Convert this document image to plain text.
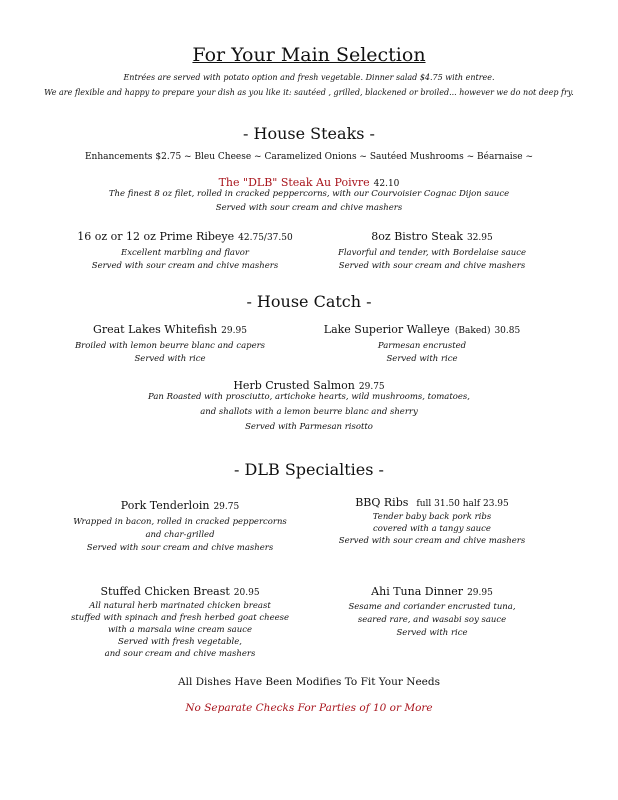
For Your Main Selection
Entrées are served with potato option and fresh vegetable. Dinner salad $4.75 with entree.
We are flexible and happy to prepare your dish as you like it: sautéed , grilled, blackened or broiled... however we do not deep fry.
- House Steaks -
Enhancements $2.75 ~ Bleu Cheese ~ Caramelized Onions ~ Sautéed Mushrooms ~ Béarnaise ~
The "DLB" Steak Au Poivre 42.10
The finest 8 oz filet, rolled in cracked peppercorns, with our Courvoisier Cognac Dijon sauce
Served with sour cream and chive mashers
16 oz or 12 oz Prime Ribeye 42.75/37.50
Excellent marbling and flavor
Served with sour cream and chive mashers
8oz Bistro Steak 32.95
Flavorful and tender, with Bordelaise sauce
Served with sour cream and chive mashers
- House Catch -
Great Lakes Whitefish 29.95
Broiled with lemon beurre blanc and capers
Served with rice
Lake Superior Walleye (Baked) 30.85
Parmesan encrusted
Served with rice
Herb Crusted Salmon 29.75
Pan Roasted with prosciutto, artichoke hearts, wild mushrooms, tomatoes,
and shallots with a lemon beurre blanc and sherry
Served with Parmesan risotto
- DLB Specialties -
Pork Tenderloin 29.75
Wrapped in bacon, rolled in cracked peppercorns
and char-grilled
Served with sour cream and chive mashers
BBQ Ribs full 31.50 half 23.95
Tender baby back pork ribs
covered with a tangy sauce
Served with sour cream and chive mashers
Stuffed Chicken Breast 20.95
All natural herb marinated chicken breast
stuffed with spinach and fresh herbed goat cheese
with a marsala wine cream sauce
Served with fresh vegetable,
and sour cream and chive mashers
Ahi Tuna Dinner 29.95
Sesame and coriander encrusted tuna,
seared rare, and wasabi soy sauce
Served with rice
All Dishes Have Been Modifies To Fit Your Needs
No Separate Checks For Parties of 10 or More
